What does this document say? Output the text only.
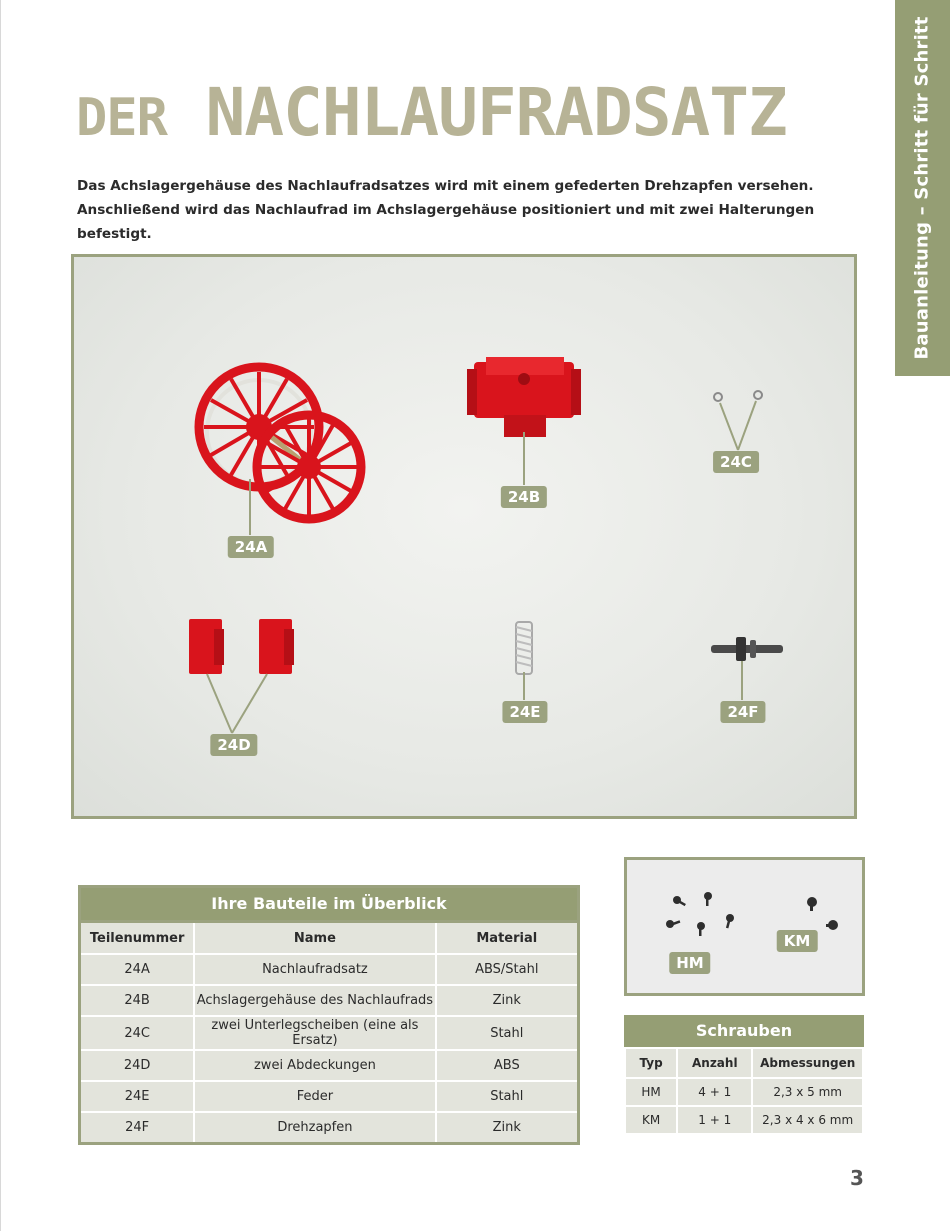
Bauanleitung – Schritt für Schritt
DER NACHLAUFRADSATZ

Das Achslagergehäuse des Nachlaufradsatzes wird mit einem gefederten Drehzapfen versehen. Anschließend wird das Nachlaufrad im Achslagergehäuse positioniert und mit zwei Halterungen befestigt.

24A
24B
24C
24D
24E	24F
Ihre Bauteile im Überblick
Teilenummer	Name	Material
24A	Nachlaufradsatz	ABS/Stahl
24B	Achslagergehäuse des Nachlaufrads	Zink
24C	zwei Unterlegscheiben (eine als Ersatz)	Stahl
24D	zwei Abdeckungen	ABS
24E	Feder	Stahl
24F	Drehzapfen	Zink
HM
KM
Schrauben
Typ	Anzahl	Abmessungen
HM	4 + 1	2,3 x 5 mm
KM	1 + 1	2,3 x 4 x 6 mm
3
